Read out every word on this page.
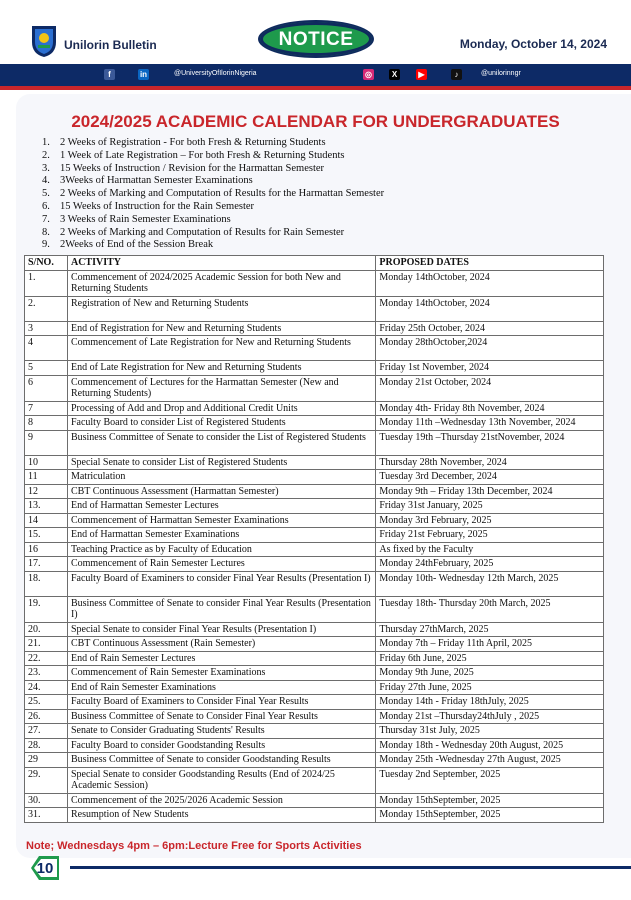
Unilorin Bulletin	NOTICE	Monday, October 14, 2024
f	in	@UniversityOfIlorinNigeria	◎	X	▶	♪	@unilorinngr
2024/2025 ACADEMIC CALENDAR FOR UNDERGRADUATES
1. 2 Weeks of Registration - For both Fresh & Returning Students
2. 1 Week of Late Registration – For both Fresh & Returning Students
3. 15 Weeks of Instruction / Revision for the Harmattan Semester
4. 3Weeks of Harmattan Semester Examinations
5. 2 Weeks of Marking and Computation of Results for the Harmattan Semester
6. 15 Weeks of Instruction for the Rain Semester
7. 3 Weeks of Rain Semester Examinations
8. 2 Weeks of Marking and Computation of Results for Rain Semester
9. 2Weeks of End of the Session Break
S/NO.	ACTIVITY	PROPOSED DATES
1.	Commencement of 2024/2025 Academic Session for both New and Returning Students	Monday 14thOctober, 2024
2.	Registration of New and Returning Students	Monday 14thOctober, 2024
3	End of Registration for New and Returning Students	Friday 25th October, 2024
4	Commencement of Late Registration for New and Returning Students	Monday 28thOctober,2024
5	End of Late Registration for New and Returning Students	Friday 1st November, 2024
6	Commencement of Lectures for the Harmattan Semester (New and Returning Students)	Monday 21st October, 2024
7	Processing of Add and Drop and Additional Credit Units	Monday 4th- Friday 8th November, 2024
8	Faculty Board to consider List of Registered Students	Monday 11th –Wednesday 13th November, 2024
9	Business Committee of Senate to consider the List of Registered Students	Tuesday 19th –Thursday 21stNovember, 2024
10	Special Senate to consider List of Registered Students	Thursday 28th November, 2024
11	Matriculation	Tuesday 3rd December, 2024
12	CBT Continuous Assessment (Harmattan Semester)	Monday 9th – Friday 13th December, 2024
13.	End of Harmattan Semester Lectures	Friday 31st January, 2025
14	Commencement of Harmattan Semester Examinations	Monday 3rd February, 2025
15.	End of Harmattan Semester Examinations	Friday 21st February, 2025
16	Teaching Practice as by Faculty of Education	As fixed by the Faculty
17.	Commencement of Rain Semester Lectures	Monday 24thFebruary, 2025
18.	Faculty Board of Examiners to consider Final Year Results (Presentation I)	Monday 10th- Wednesday 12th March, 2025
19.	Business Committee of Senate to consider Final Year Results (Presentation I)	Tuesday 18th- Thursday 20th March, 2025
20.	Special Senate to consider Final Year Results (Presentation I)	Thursday 27thMarch, 2025
21.	CBT Continuous Assessment (Rain Semester)	Monday 7th – Friday 11th April, 2025
22.	End of Rain Semester Lectures	Friday 6th June, 2025
23.	Commencement of Rain Semester Examinations	Monday 9th June, 2025
24.	End of Rain Semester Examinations	Friday 27th June, 2025
25.	Faculty Board of Examiners to Consider Final Year Results	Monday 14th - Friday 18thJuly, 2025
26.	Business Committee of Senate to Consider Final Year Results	Monday 21st –Thursday24thJuly , 2025
27.	Senate to Consider Graduating Students' Results	Thursday 31st July, 2025
28.	Faculty Board to consider Goodstanding Results	Monday 18th - Wednesday 20th August, 2025
29	Business Committee of Senate to consider Goodstanding Results	Monday 25th -Wednesday 27th August, 2025
29.	Special Senate to consider Goodstanding Results (End of 2024/25 Academic Session)	Tuesday 2nd September, 2025
30.	Commencement of the 2025/2026 Academic Session	Monday 15thSeptember, 2025
31.	Resumption of New Students	Monday 15thSeptember, 2025
Note; Wednesdays 4pm – 6pm:Lecture Free for Sports Activities
10
